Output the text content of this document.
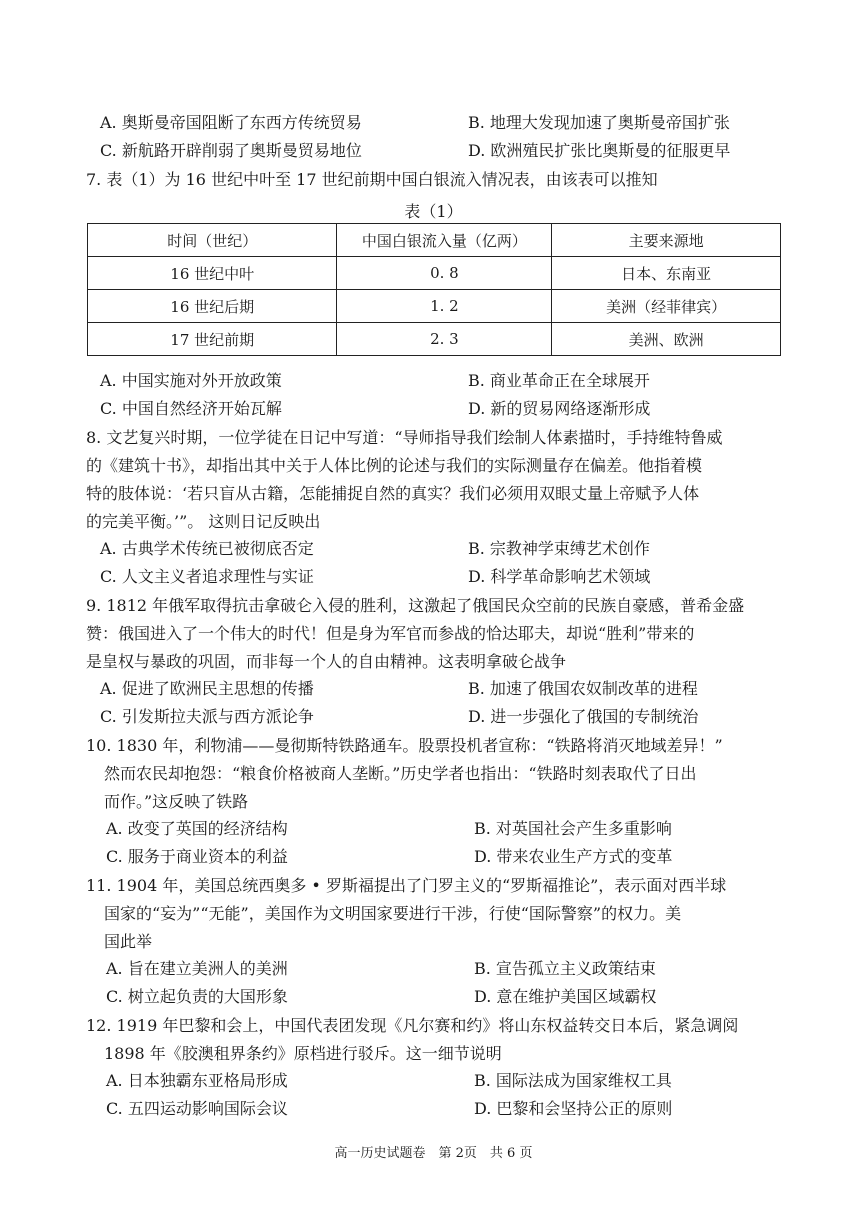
A. 奥斯曼帝国阻断了东西方传统贸易	B. 地理大发现加速了奥斯曼帝国扩张
C. 新航路开辟削弱了奥斯曼贸易地位	D. 欧洲殖民扩张比奥斯曼的征服更早
7. 表（1）为 16 世纪中叶至 17 世纪前期中国白银流入情况表，由该表可以推知
表（1）
时间（世纪）	中国白银流入量（亿两）	主要来源地
16 世纪中叶	0. 8	日本、东南亚
16 世纪后期	1. 2	美洲（经菲律宾）
17 世纪前期	2. 3	美洲、欧洲
A. 中国实施对外开放政策	B. 商业革命正在全球展开
C. 中国自然经济开始瓦解	D. 新的贸易网络逐渐形成
8. 文艺复兴时期，一位学徒在日记中写道：“导师指导我们绘制人体素描时，手持维特鲁威
的《建筑十书》，却指出其中关于人体比例的论述与我们的实际测量存在偏差。他指着模
特的肢体说：‘若只盲从古籍，怎能捕捉自然的真实？我们必须用双眼丈量上帝赋予人体
的完美平衡。’”。 这则日记反映出
A. 古典学术传统已被彻底否定	B. 宗教神学束缚艺术创作
C. 人文主义者追求理性与实证	D. 科学革命影响艺术领域
9. 1812 年俄军取得抗击拿破仑入侵的胜利，这激起了俄国民众空前的民族自豪感，普希金盛
赞：俄国进入了一个伟大的时代！但是身为军官而参战的恰达耶夫，却说“胜利”带来的
是皇权与暴政的巩固，而非每一个人的自由精神。这表明拿破仑战争
A. 促进了欧洲民主思想的传播	B. 加速了俄国农奴制改革的进程
C. 引发斯拉夫派与西方派论争	D. 进一步强化了俄国的专制统治
10. 1830 年，利物浦——曼彻斯特铁路通车。股票投机者宣称：“铁路将消灭地域差异！”
然而农民却抱怨：“粮食价格被商人垄断。”历史学者也指出：“铁路时刻表取代了日出
而作。”这反映了铁路
A. 改变了英国的经济结构	B. 对英国社会产生多重影响
C. 服务于商业资本的利益	D. 带来农业生产方式的变革
11. 1904 年，美国总统西奥多 • 罗斯福提出了门罗主义的“罗斯福推论”，表示面对西半球
国家的“妄为”“无能”，美国作为文明国家要进行干涉，行使“国际警察”的权力。美
国此举
A. 旨在建立美洲人的美洲	B. 宣告孤立主义政策结束
C. 树立起负责的大国形象	D. 意在维护美国区域霸权
12. 1919 年巴黎和会上，中国代表团发现《凡尔赛和约》将山东权益转交日本后，紧急调阅
1898 年《胶澳租界条约》原档进行驳斥。这一细节说明
A. 日本独霸东亚格局形成	B. 国际法成为国家维权工具
C. 五四运动影响国际会议	D. 巴黎和会坚持公正的原则
高一历史试题卷　第 2页　共 6 页
